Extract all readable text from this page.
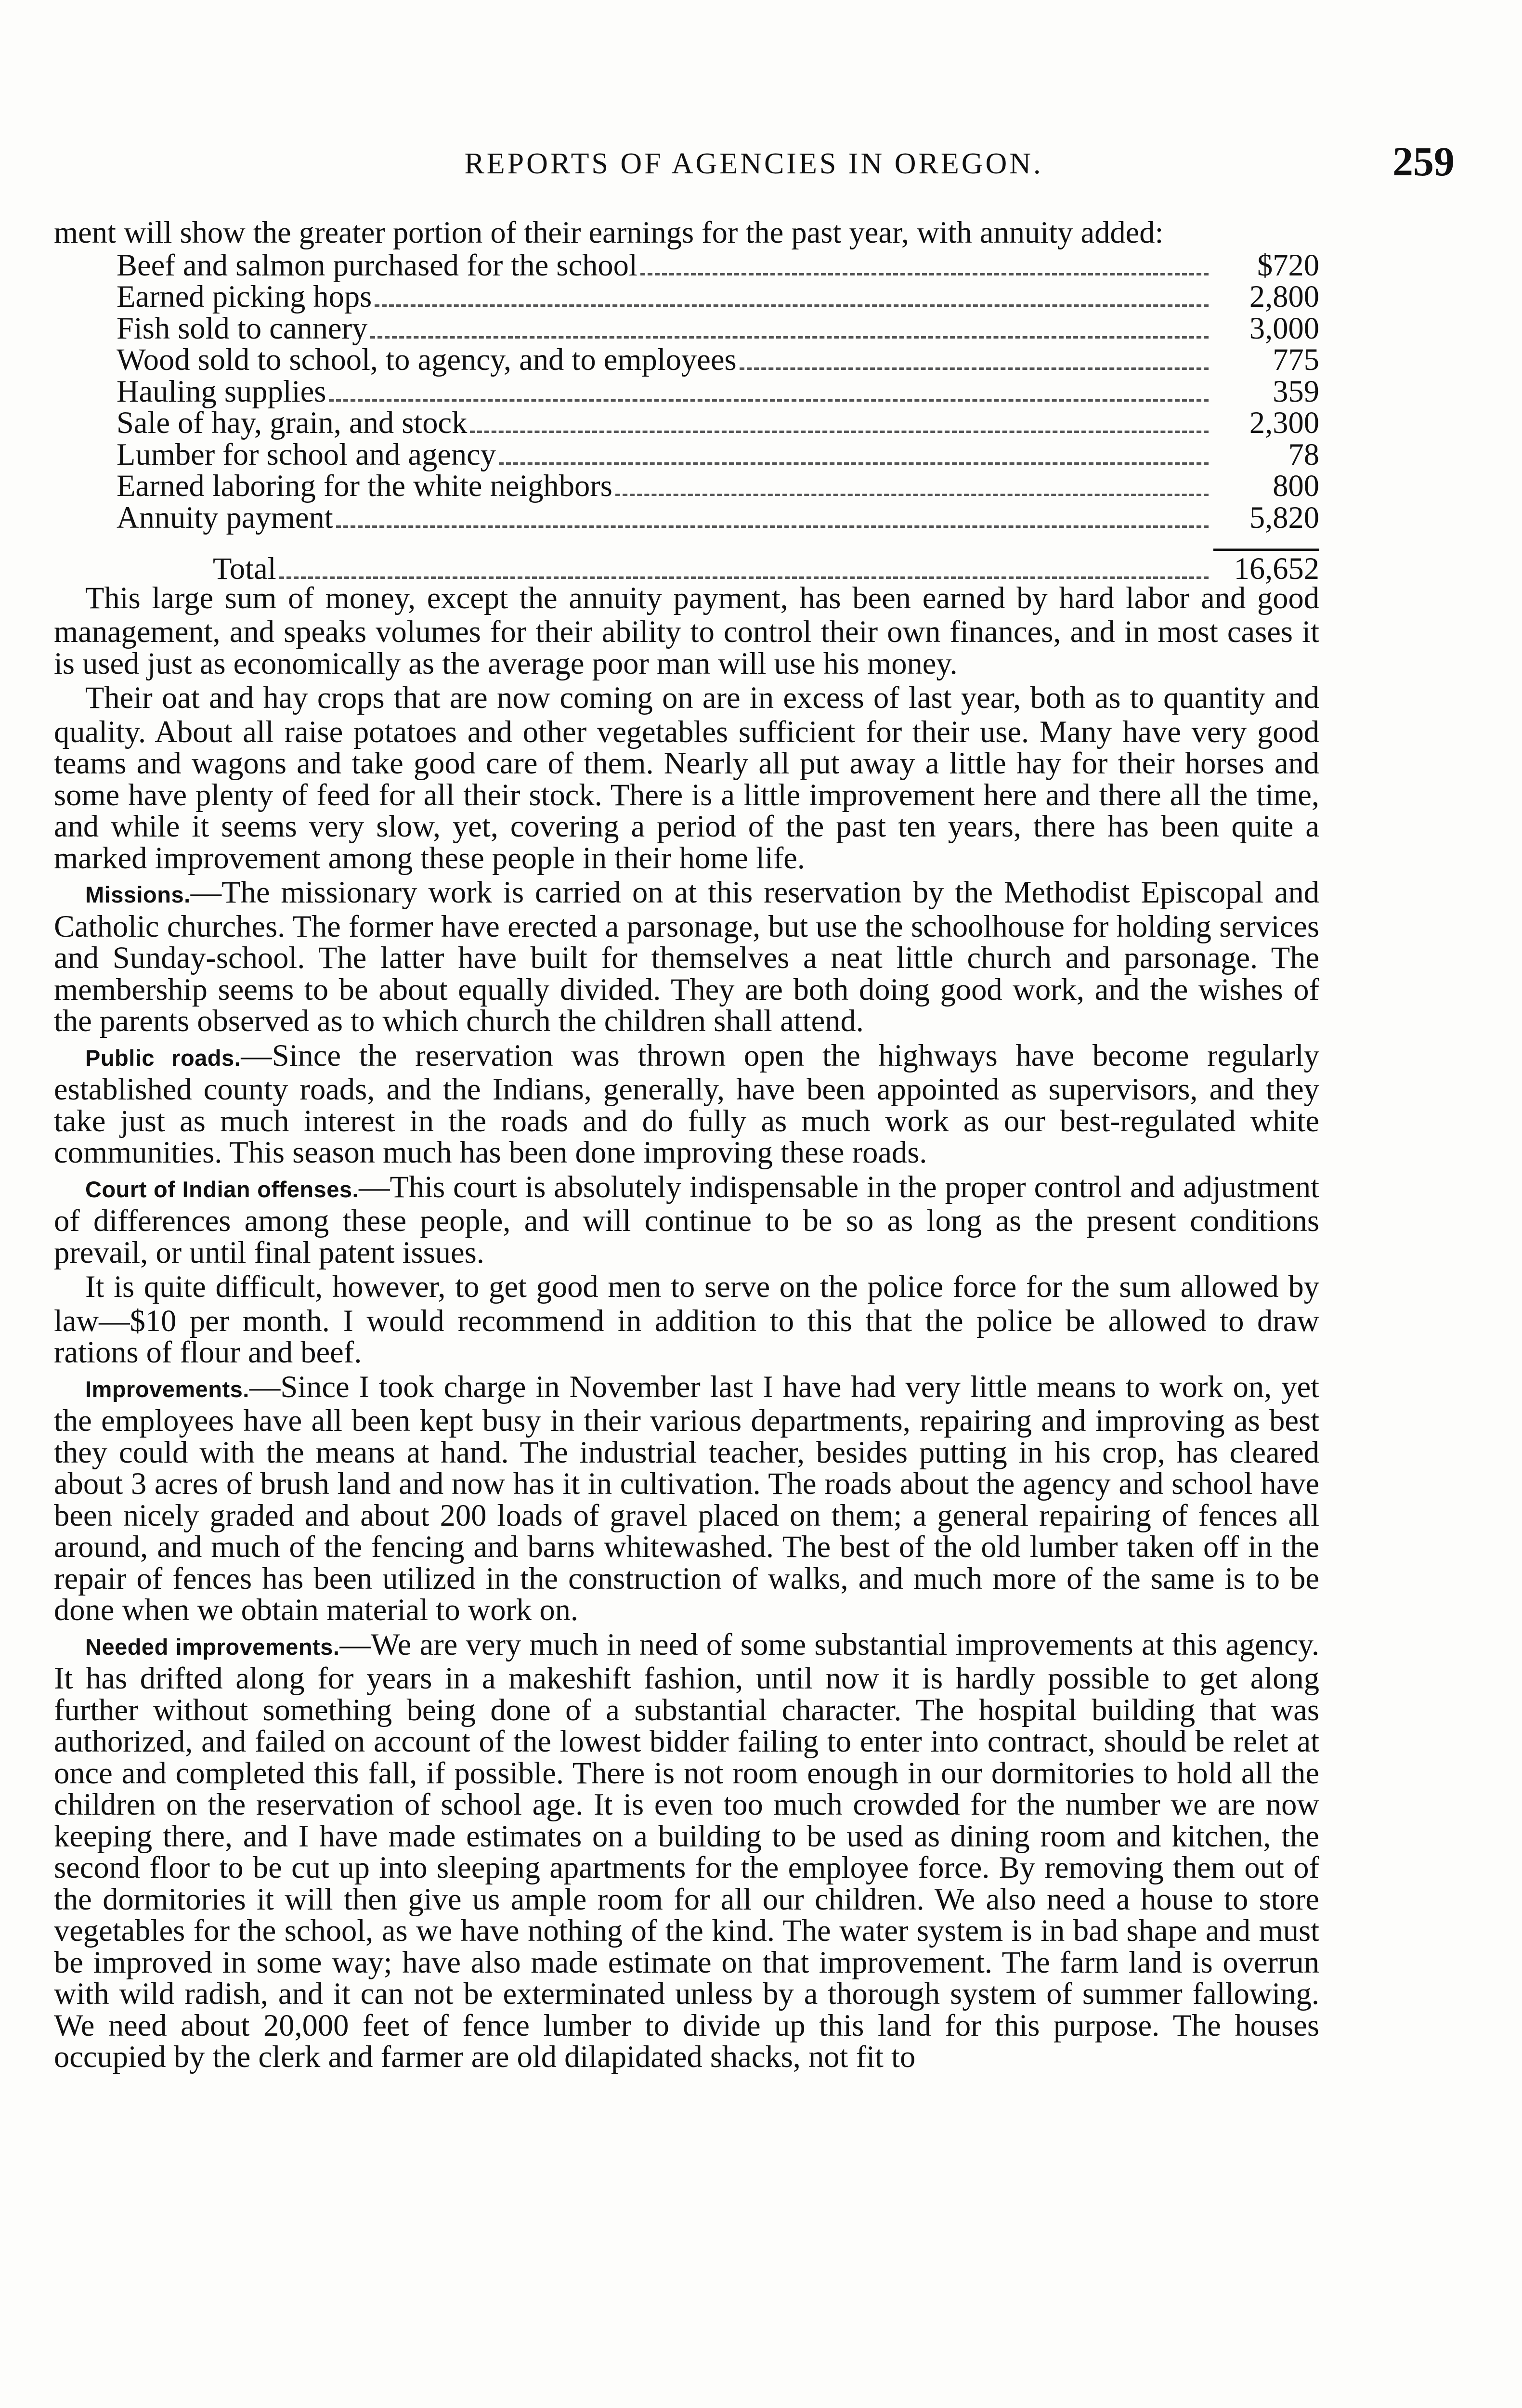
REPORTS OF AGENCIES IN OREGON.	259

ment will show the greater portion of their earnings for the past year, with annuity added:

Beef and salmon purchased for the school	$720
Earned picking hops	2,800
Fish sold to cannery	3,000
Wood sold to school, to agency, and to employees	775
Hauling supplies	359
Sale of hay, grain, and stock	2,300
Lumber for school and agency	78
Earned laboring for the white neighbors	800
Annuity payment	5,820
Total	16,652

This large sum of money, except the annuity payment, has been earned by hard labor and good management, and speaks volumes for their ability to control their own finances, and in most cases it is used just as economically as the average poor man will use his money.

Their oat and hay crops that are now coming on are in excess of last year, both as to quantity and quality. About all raise potatoes and other vegetables sufficient for their use. Many have very good teams and wagons and take good care of them. Nearly all put away a little hay for their horses and some have plenty of feed for all their stock. There is a little improvement here and there all the time, and while it seems very slow, yet, covering a period of the past ten years, there has been quite a marked improvement among these people in their home life.

Missions.—The missionary work is carried on at this reservation by the Methodist Episcopal and Catholic churches. The former have erected a parsonage, but use the schoolhouse for holding services and Sunday-school. The latter have built for themselves a neat little church and parsonage. The membership seems to be about equally divided. They are both doing good work, and the wishes of the parents observed as to which church the children shall attend.

Public roads.—Since the reservation was thrown open the highways have become regularly established county roads, and the Indians, generally, have been appointed as supervisors, and they take just as much interest in the roads and do fully as much work as our best-regulated white communities. This season much has been done improving these roads.

Court of Indian offenses.—This court is absolutely indispensable in the proper control and adjustment of differences among these people, and will continue to be so as long as the present conditions prevail, or until final patent issues.

It is quite difficult, however, to get good men to serve on the police force for the sum allowed by law—$10 per month. I would recommend in addition to this that the police be allowed to draw rations of flour and beef.

Improvements.—Since I took charge in November last I have had very little means to work on, yet the employees have all been kept busy in their various departments, repairing and improving as best they could with the means at hand. The industrial teacher, besides putting in his crop, has cleared about 3 acres of brush land and now has it in cultivation. The roads about the agency and school have been nicely graded and about 200 loads of gravel placed on them; a general repairing of fences all around, and much of the fencing and barns whitewashed. The best of the old lumber taken off in the repair of fences has been utilized in the construction of walks, and much more of the same is to be done when we obtain material to work on.

Needed improvements.—We are very much in need of some substantial improvements at this agency. It has drifted along for years in a makeshift fashion, until now it is hardly possible to get along further without something being done of a substantial character. The hospital building that was authorized, and failed on account of the lowest bidder failing to enter into contract, should be relet at once and completed this fall, if possible. There is not room enough in our dormitories to hold all the children on the reservation of school age. It is even too much crowded for the number we are now keeping there, and I have made estimates on a building to be used as dining room and kitchen, the second floor to be cut up into sleeping apartments for the employee force. By removing them out of the dormitories it will then give us ample room for all our children. We also need a house to store vegetables for the school, as we have nothing of the kind. The water system is in bad shape and must be improved in some way; have also made estimate on that improvement. The farm land is overrun with wild radish, and it can not be exterminated unless by a thorough system of summer fallowing. We need about 20,000 feet of fence lumber to divide up this land for this purpose. The houses occupied by the clerk and farmer are old dilapidated shacks, not fit to
